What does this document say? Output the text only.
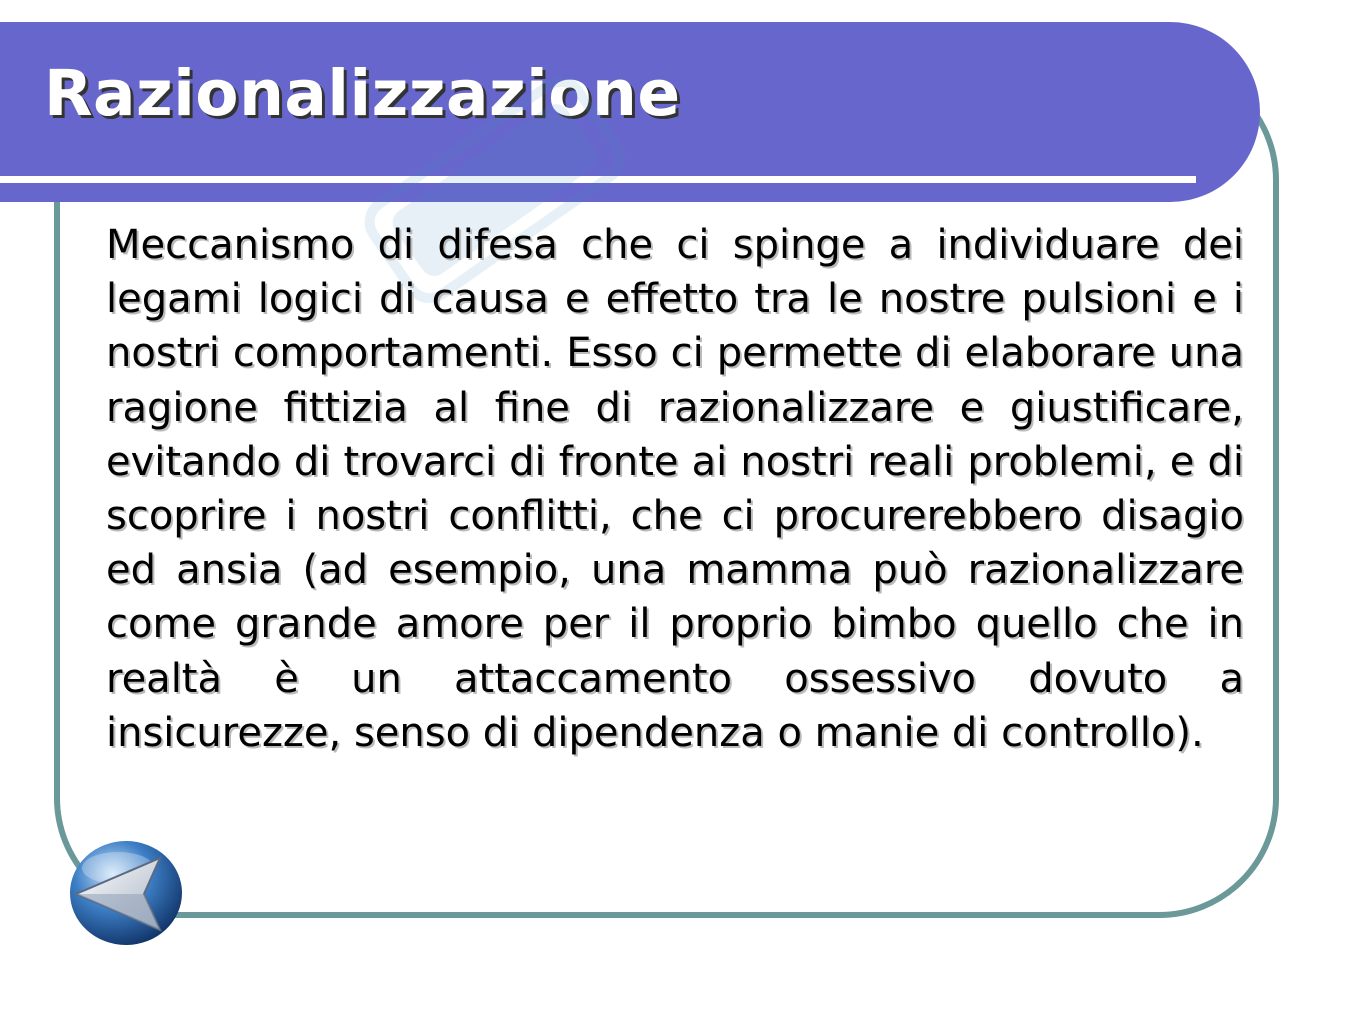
Razionalizzazione

Meccanismo di difesa che ci spinge a individuare dei legami logici di causa e effetto tra le nostre pulsioni e i nostri comportamenti. Esso ci permette di elaborare una ragione fittizia al fine di razionalizzare e giustificare, evitando di trovarci di fronte ai nostri reali problemi, e di scoprire i nostri conflitti, che ci procurerebbero disagio ed ansia (ad esempio, una mamma può razionalizzare come grande amore per il proprio bimbo quello che in realtà è un attaccamento ossessivo dovuto a insicurezze, senso di dipendenza o manie di controllo).
